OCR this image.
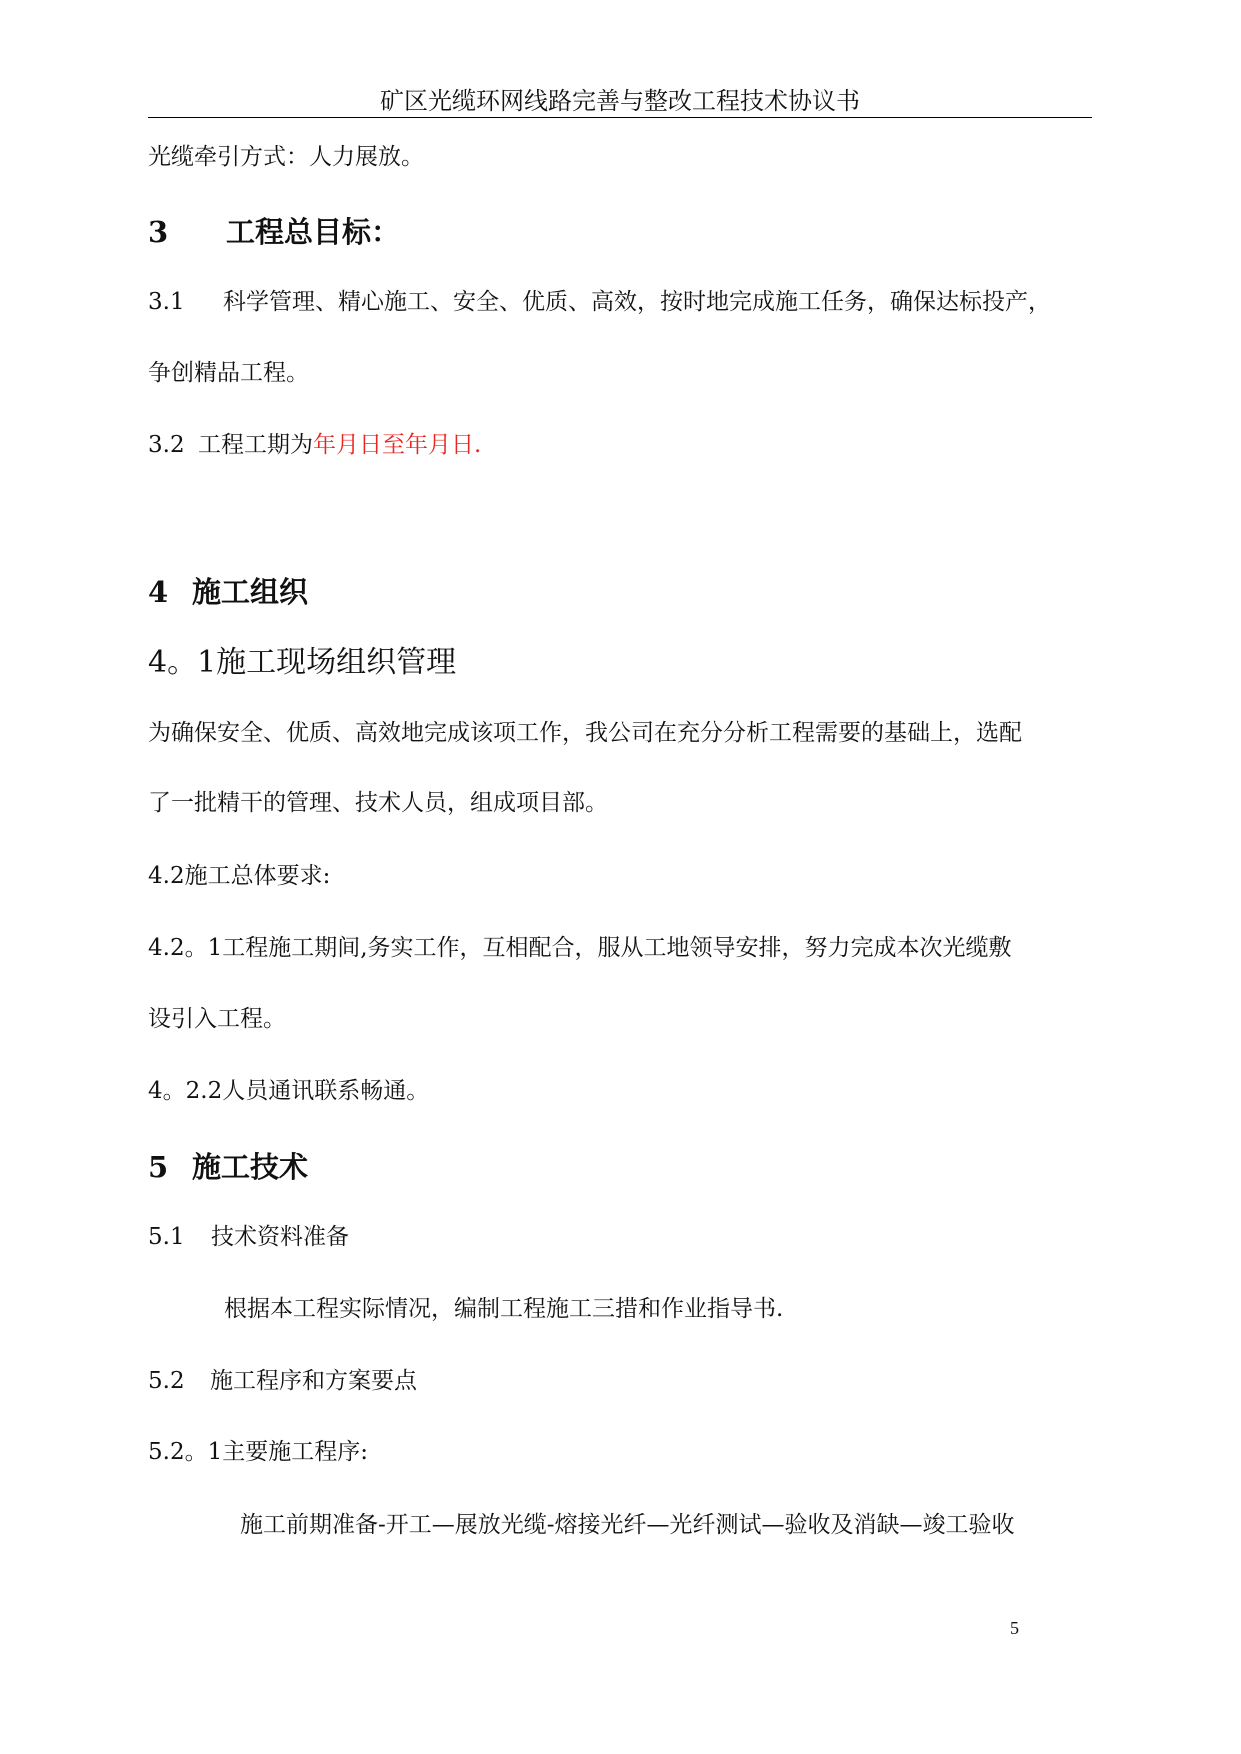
矿区光缆环网线路完善与整改工程技术协议书
光缆牵引方式：人力展放。
3 工程总目标：
3.1 科学管理、精心施工、安全、优质、高效，按时地完成施工任务，确保达标投产，
争创精品工程。
3.2 工程工期为年月日至年月日.
4 施工组织
4。1施工现场组织管理
为确保安全、优质、高效地完成该项工作，我公司在充分分析工程需要的基础上，选配
了一批精干的管理、技术人员，组成项目部。
4.2施工总体要求:
4.2。1工程施工期间,务实工作，互相配合，服从工地领导安排，努力完成本次光缆敷
设引入工程。
4。2.2人员通讯联系畅通。
5 施工技术
5.1 技术资料准备
根据本工程实际情况，编制工程施工三措和作业指导书.
5.2 施工程序和方案要点
5.2。1主要施工程序:
施工前期准备-开工—展放光缆-熔接光纤—光纤测试—验收及消缺—竣工验收
5
